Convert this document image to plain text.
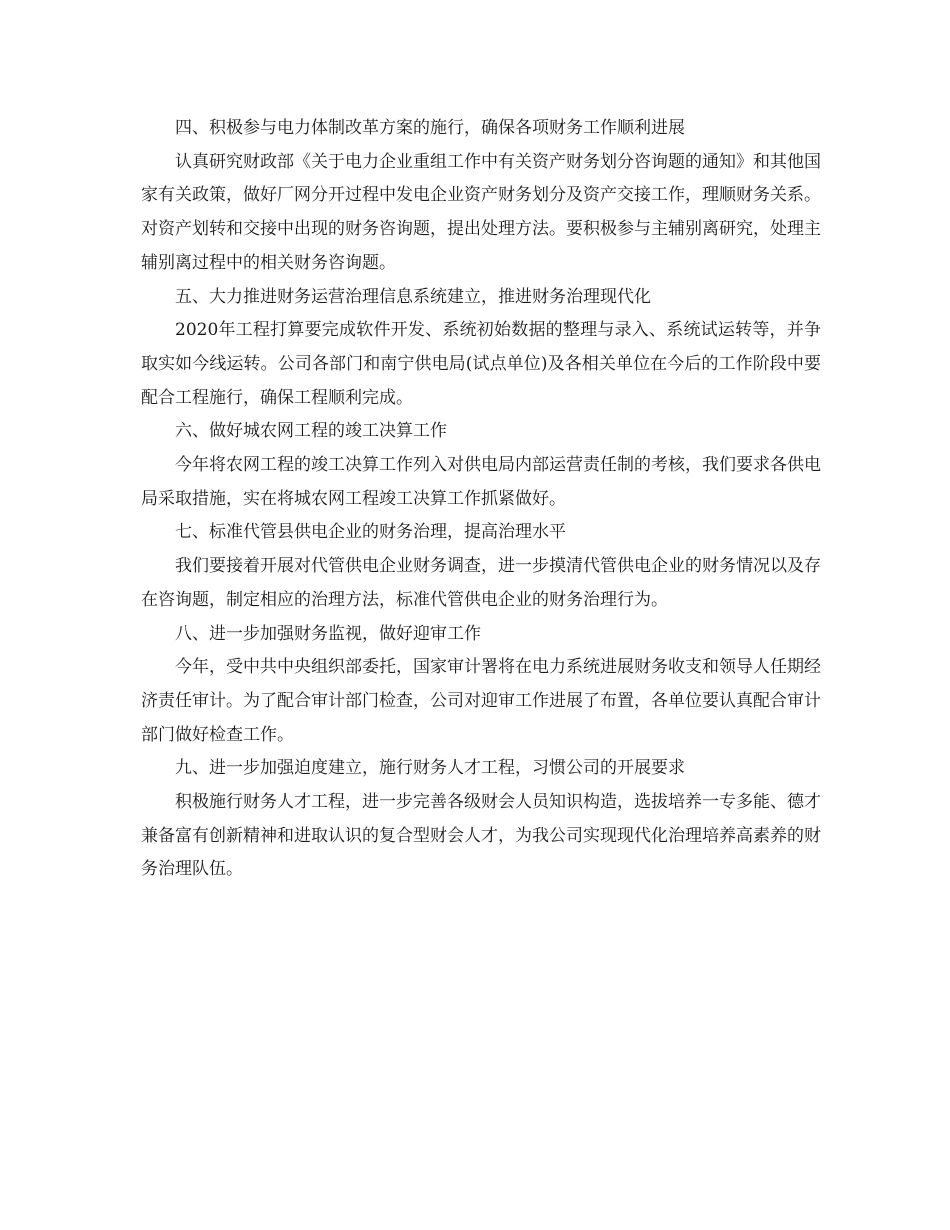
四、积极参与电力体制改革方案的施行，确保各项财务工作顺利进展

认真研究财政部《关于电力企业重组工作中有关资产财务划分咨询题的通知》和其他国家有关政策，做好厂网分开过程中发电企业资产财务划分及资产交接工作，理顺财务关系。对资产划转和交接中出现的财务咨询题，提出处理方法。要积极参与主辅别离研究，处理主辅别离过程中的相关财务咨询题。

五、大力推进财务运营治理信息系统建立，推进财务治理现代化

2020年工程打算要完成软件开发、系统初始数据的整理与录入、系统试运转等，并争取实如今线运转。公司各部门和南宁供电局(试点单位)及各相关单位在今后的工作阶段中要配合工程施行，确保工程顺利完成。

六、做好城农网工程的竣工决算工作

今年将农网工程的竣工决算工作列入对供电局内部运营责任制的考核，我们要求各供电局采取措施，实在将城农网工程竣工决算工作抓紧做好。

七、标准代管县供电企业的财务治理，提高治理水平

我们要接着开展对代管供电企业财务调查，进一步摸清代管供电企业的财务情况以及存在咨询题，制定相应的治理方法，标准代管供电企业的财务治理行为。

八、进一步加强财务监视，做好迎审工作

今年，受中共中央组织部委托，国家审计署将在电力系统进展财务收支和领导人任期经济责任审计。为了配合审计部门检查，公司对迎审工作进展了布置，各单位要认真配合审计部门做好检查工作。

九、进一步加强迫度建立，施行财务人才工程，习惯公司的开展要求

积极施行财务人才工程，进一步完善各级财会人员知识构造，选拔培养一专多能、德才兼备富有创新精神和进取认识的复合型财会人才，为我公司实现现代化治理培养高素养的财务治理队伍。
